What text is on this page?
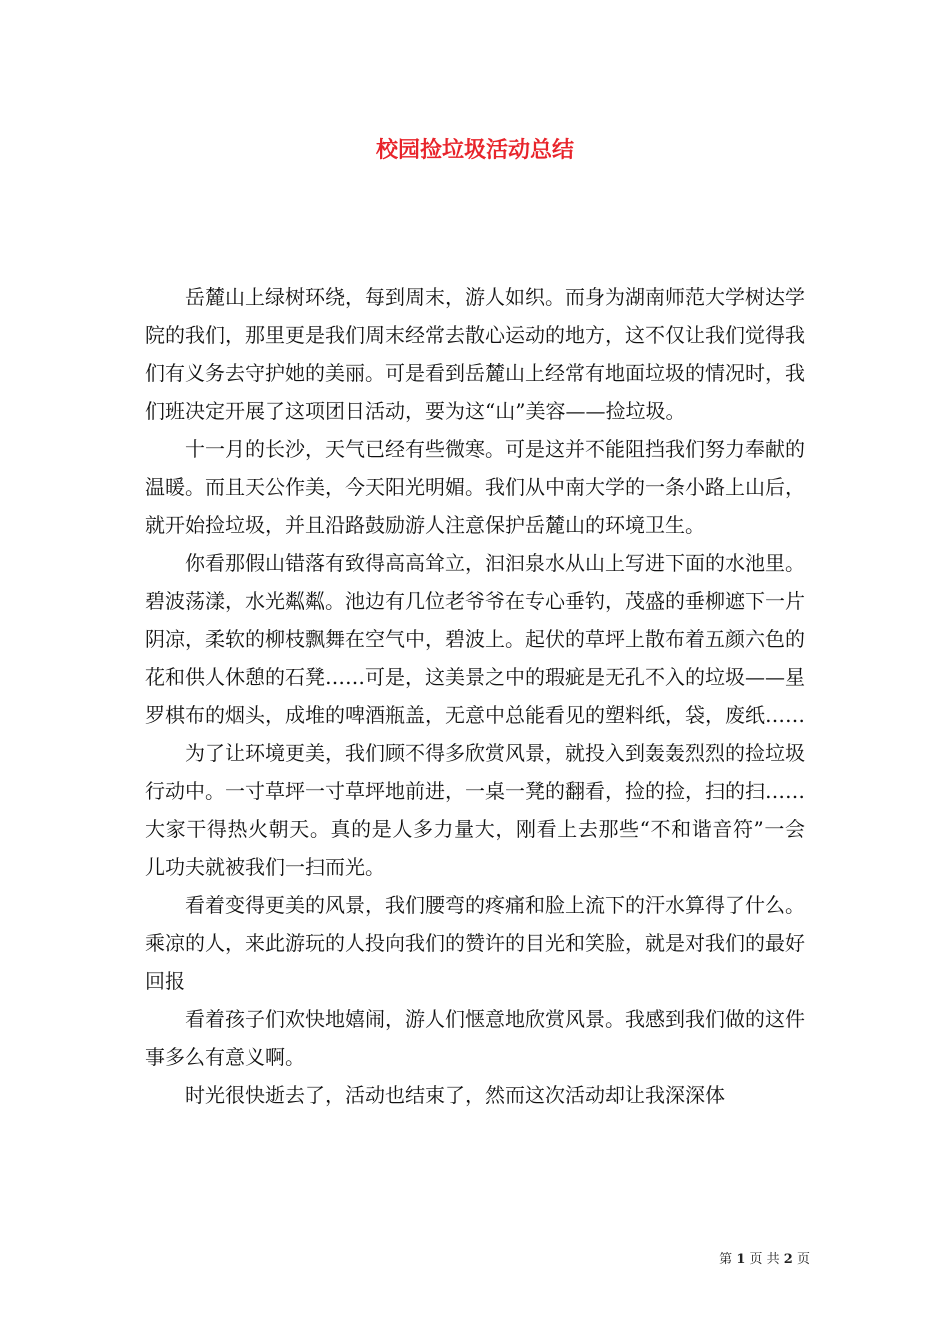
校园捡垃圾活动总结

岳麓山上绿树环绕，每到周末，游人如织。而身为湖南师范大学树达学院的我们，那里更是我们周末经常去散心运动的地方，这不仅让我们觉得我们有义务去守护她的美丽。可是看到岳麓山上经常有地面垃圾的情况时，我们班决定开展了这项团日活动，要为这“山”美容——捡垃圾。

十一月的长沙，天气已经有些微寒。可是这并不能阻挡我们努力奉献的温暖。而且天公作美，今天阳光明媚。我们从中南大学的一条小路上山后，就开始捡垃圾，并且沿路鼓励游人注意保护岳麓山的环境卫生。

你看那假山错落有致得高高耸立，汩汩泉水从山上写进下面的水池里。碧波荡漾，水光粼粼。池边有几位老爷爷在专心垂钓，茂盛的垂柳遮下一片阴凉，柔软的柳枝飘舞在空气中，碧波上。起伏的草坪上散布着五颜六色的花和供人休憩的石凳……可是，这美景之中的瑕疵是无孔不入的垃圾——星罗棋布的烟头，成堆的啤酒瓶盖，无意中总能看见的塑料纸，袋，废纸……

为了让环境更美，我们顾不得多欣赏风景，就投入到轰轰烈烈的捡垃圾行动中。一寸草坪一寸草坪地前进，一桌一凳的翻看，捡的捡，扫的扫……大家干得热火朝天。真的是人多力量大，刚看上去那些“不和谐音符”一会儿功夫就被我们一扫而光。

看着变得更美的风景，我们腰弯的疼痛和脸上流下的汗水算得了什么。乘凉的人，来此游玩的人投向我们的赞许的目光和笑脸，就是对我们的最好回报

看着孩子们欢快地嬉闹，游人们惬意地欣赏风景。我感到我们做的这件事多么有意义啊。

时光很快逝去了，活动也结束了，然而这次活动却让我深深体

第 1 页 共 2 页
